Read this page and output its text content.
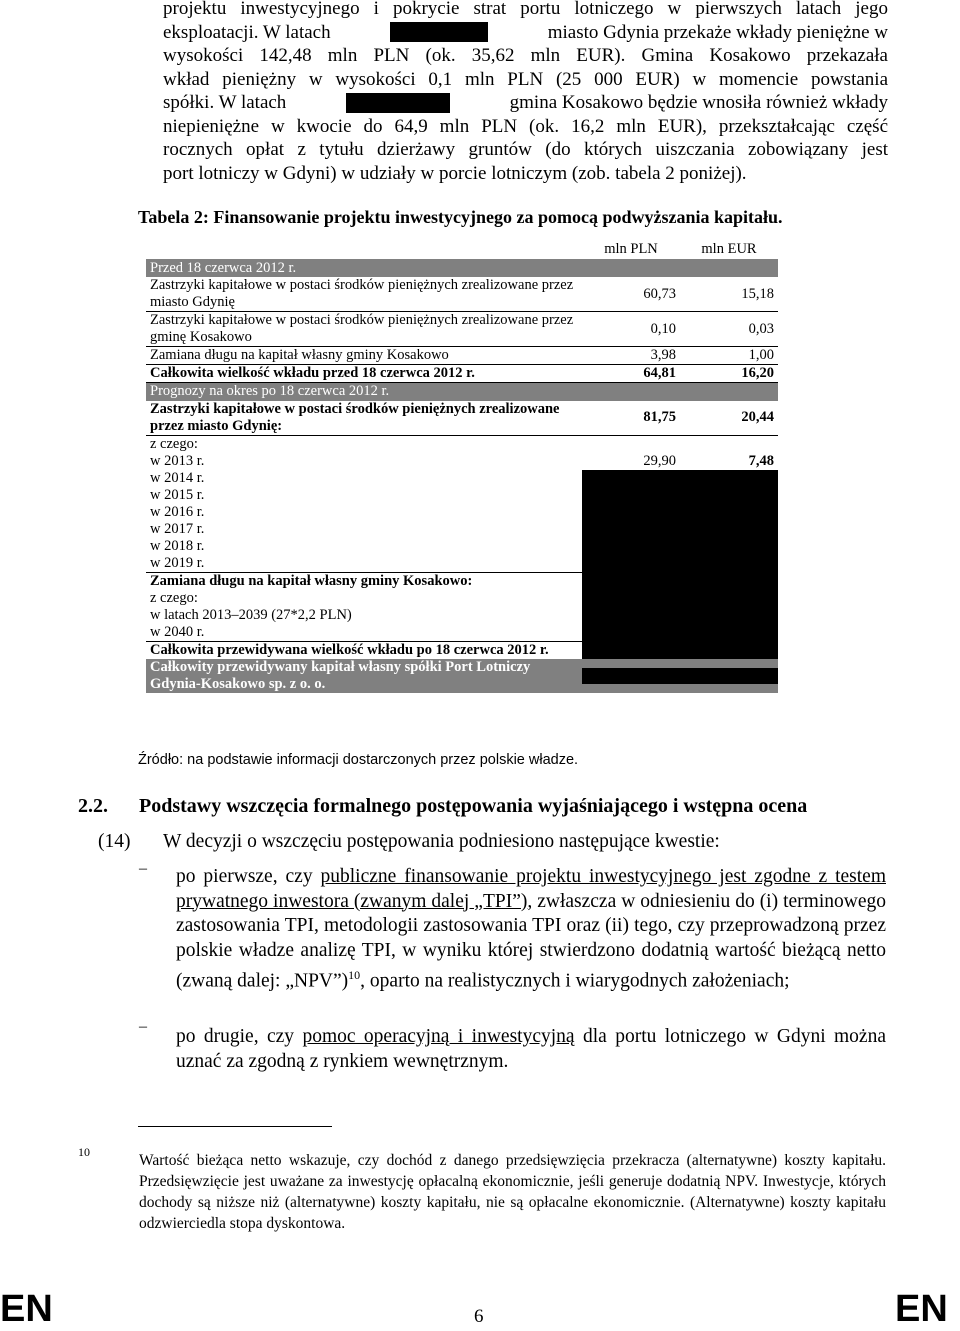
projektu inwestycyjnego i pokrycie strat portu lotniczego w pierwszych latach jego
eksploatacji. W latach	miasto Gdynia przekaże wkłady pieniężne w
wysokości 142,48 mln PLN (ok. 35,62 mln EUR). Gmina Kosakowo przekazała
wkład pieniężny w wysokości 0,1 mln PLN (25 000 EUR) w momencie powstania
spółki. W latach	gmina Kosakowo będzie wnosiła również wkłady
niepieniężne w kwocie do 64,9 mln PLN (ok. 16,2 mln EUR), przekształcając część
rocznych opłat z tytułu dzierżawy gruntów (do których uiszczania zobowiązany jest
port lotniczy w Gdyni) w udziały w porcie lotniczym (zob. tabela 2 poniżej).
Tabela 2: Finansowanie projektu inwestycyjnego za pomocą podwyższania kapitału.
	mln PLN	mln EUR
Przed 18 czerwca 2012 r.		
Zastrzyki kapitałowe w postaci środków pieniężnych zrealizowane przez miasto Gdynię	60,73	15,18
Zastrzyki kapitałowe w postaci środków pieniężnych zrealizowane przez gminę Kosakowo	0,10	0,03
Zamiana długu na kapitał własny gminy Kosakowo	3,98	1,00
Całkowita wielkość wkładu przed 18 czerwca 2012 r.	64,81	16,20
Prognozy na okres po 18 czerwca 2012 r.		
Zastrzyki kapitałowe w postaci środków pieniężnych zrealizowane przez miasto Gdynię:	81,75	20,44
z czego:		
w 2013 r.	29,90	7,48
w 2014 r.		
w 2015 r.		
w 2016 r.		
w 2017 r.		
w 2018 r.		
w 2019 r.		
Zamiana długu na kapitał własny gminy Kosakowo:		
z czego:		
w latach 2013–2039 (27*2,2 PLN)		
w 2040 r.		
Całkowita przewidywana wielkość wkładu po 18 czerwca 2012 r.		
Całkowity przewidywany kapitał własny spółki Port Lotniczy Gdynia-Kosakowo sp. z o. o.	

Źródło: na podstawie informacji dostarczonych przez polskie władze.
2.2. Podstawy wszczęcia formalnego postępowania wyjaśniającego i wstępna ocena
(14) W decyzji o wszczęciu postępowania podniesiono następujące kwestie:
– po pierwsze, czy publiczne finansowanie projektu inwestycyjnego jest zgodne z testem prywatnego inwestora (zwanym dalej „TPI”), zwłaszcza w odniesieniu do (i) terminowego zastosowania TPI, metodologii zastosowania TPI oraz (ii) tego, czy przeprowadzoną przez polskie władze analizę TPI, w wyniku której stwierdzono dodatnią wartość bieżącą netto (zwaną dalej: „NPV”)$^{10}$, oparto na realistycznych i wiarygodnych założeniach;
– po drugie, czy pomoc operacyjną i inwestycyjną dla portu lotniczego w Gdyni można uznać za zgodną z rynkiem wewnętrznym.
10	Wartość bieżąca netto wskazuje, czy dochód z danego przedsięwzięcia przekracza (alternatywne) koszty kapitału. Przedsięwzięcie jest uważane za inwestycję opłacalną ekonomicznie, jeśli generuje dodatnią NPV. Inwestycje, których dochody są niższe niż (alternatywne) koszty kapitału, nie są opłacalne ekonomicznie. (Alternatywne) koszty kapitału odzwierciedla stopa dyskontowa.
EN	6	EN
